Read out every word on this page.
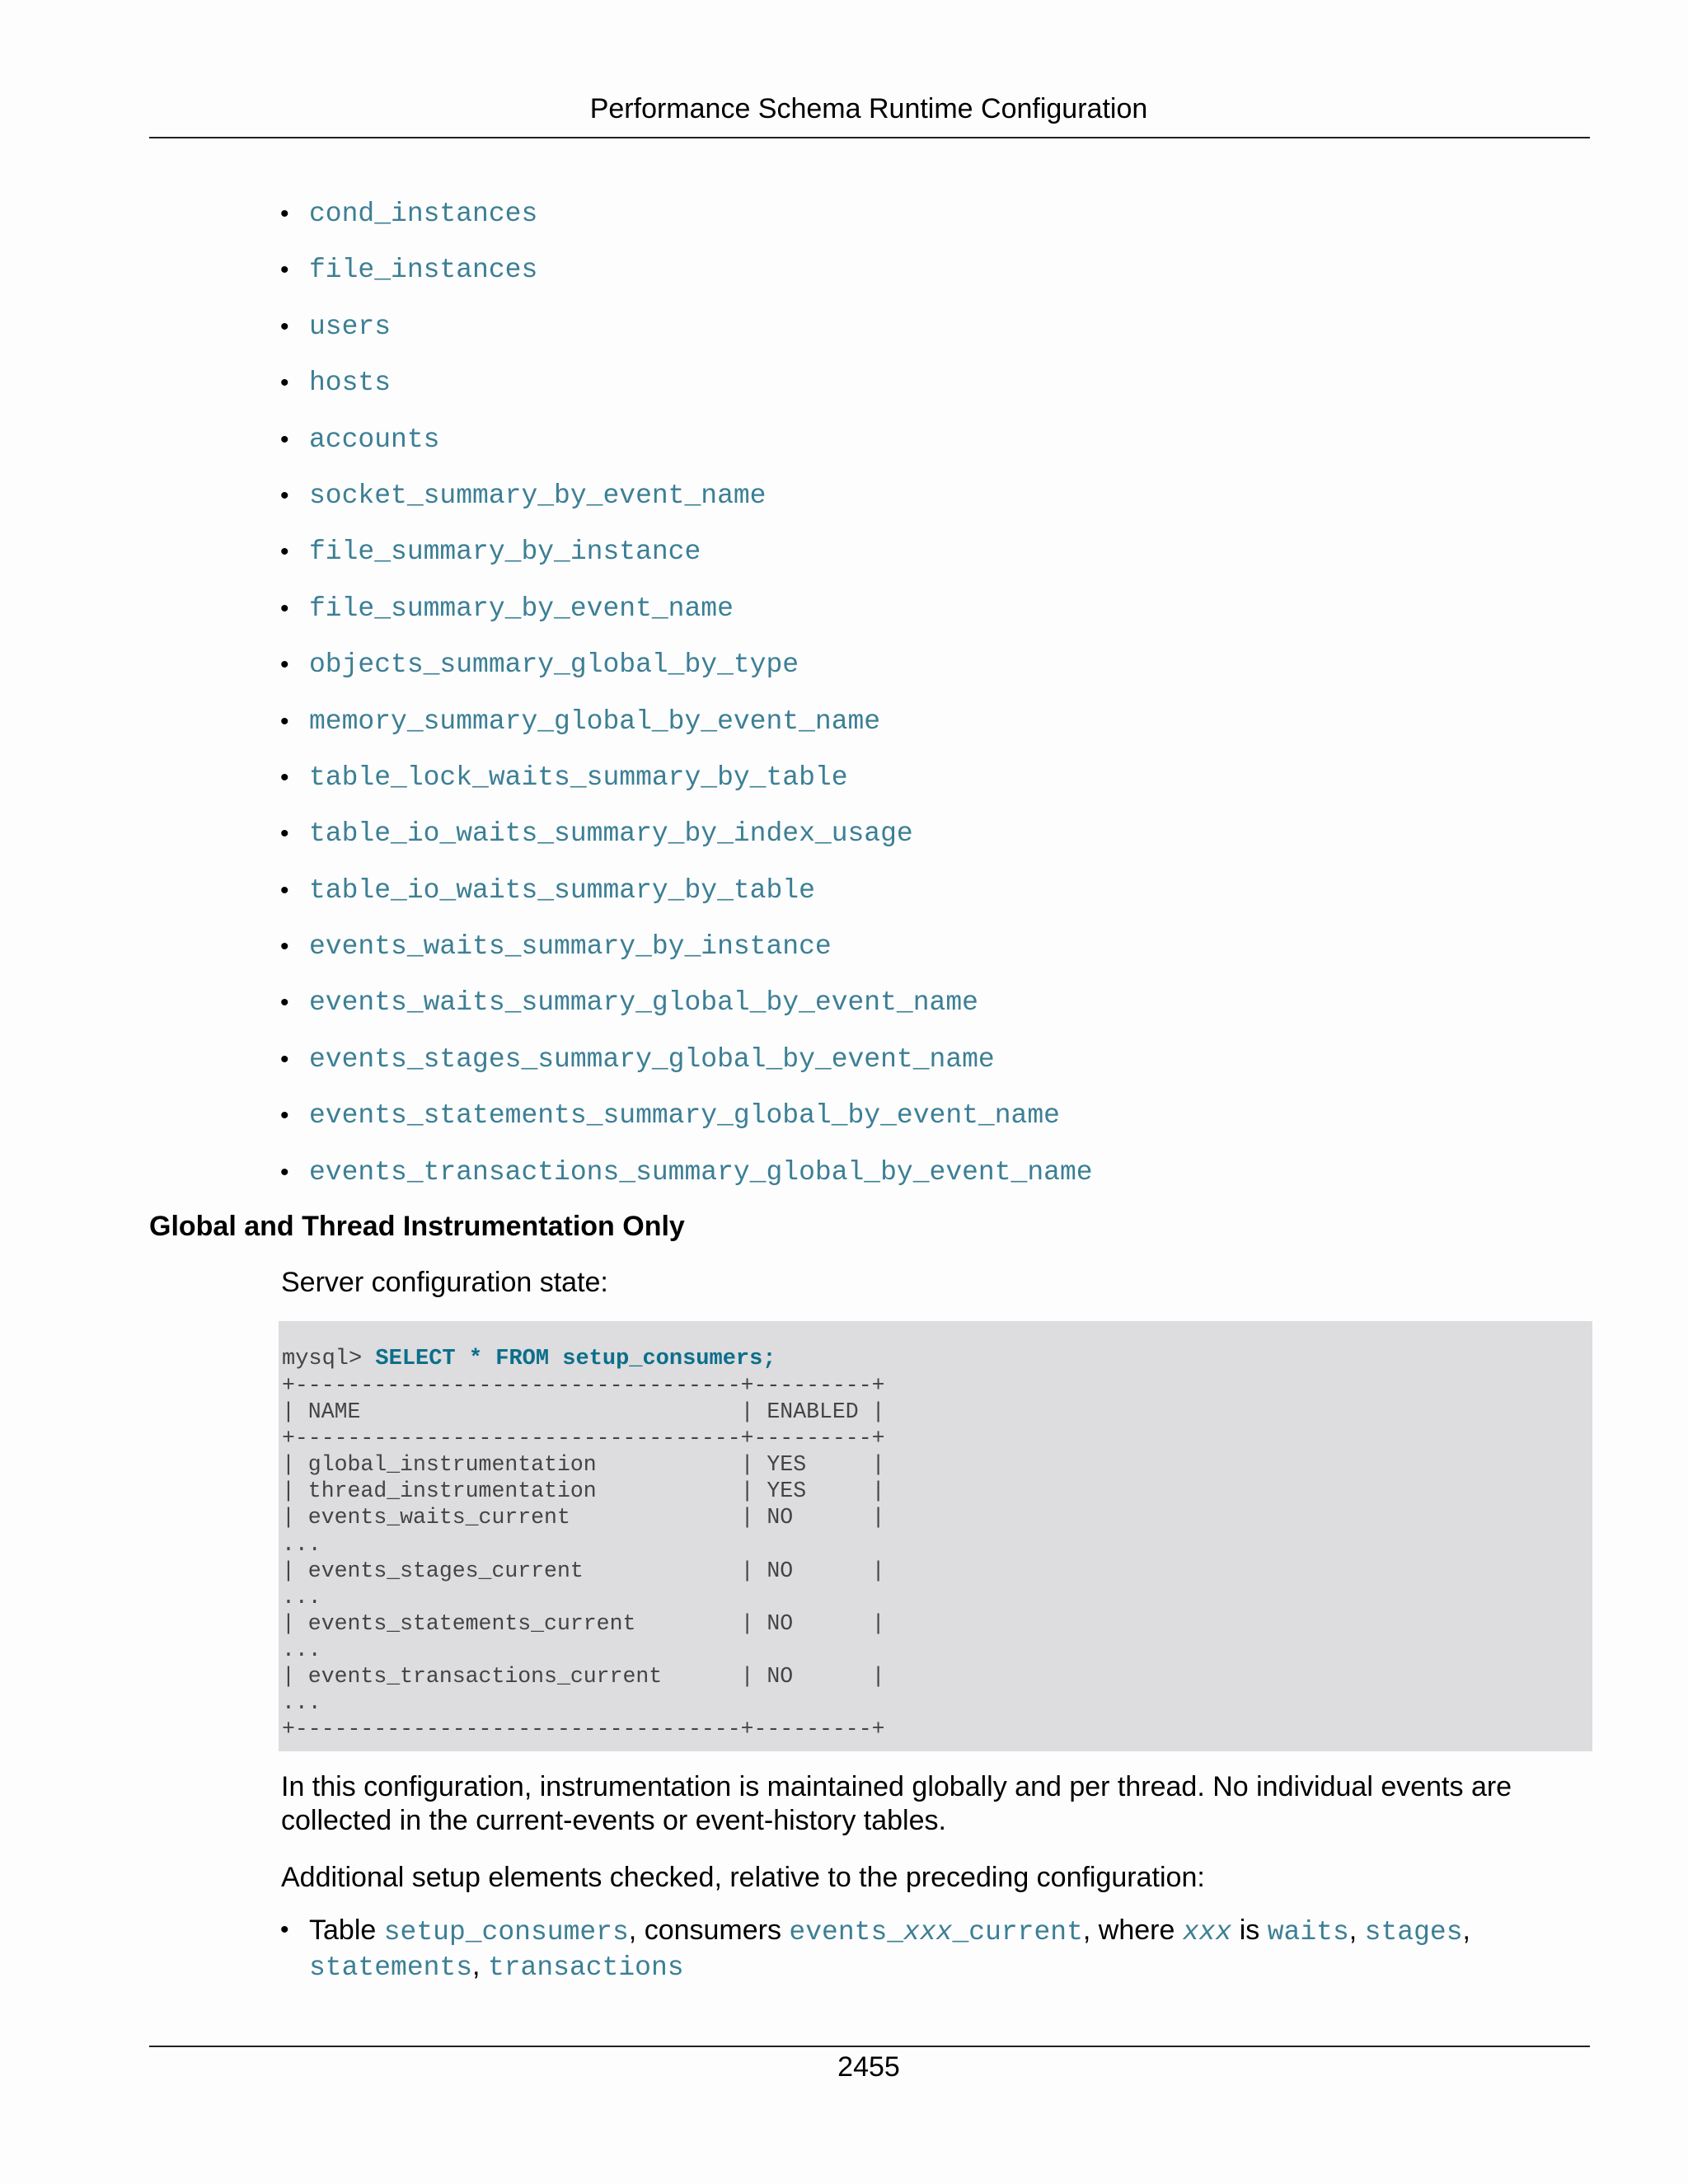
Performance Schema Runtime Configuration
• cond_instances
• file_instances
• users
• hosts
• accounts
• socket_summary_by_event_name
• file_summary_by_instance
• file_summary_by_event_name
• objects_summary_global_by_type
• memory_summary_global_by_event_name
• table_lock_waits_summary_by_table
• table_io_waits_summary_by_index_usage
• table_io_waits_summary_by_table
• events_waits_summary_by_instance
• events_waits_summary_global_by_event_name
• events_stages_summary_global_by_event_name
• events_statements_summary_global_by_event_name
• events_transactions_summary_global_by_event_name
Global and Thread Instrumentation Only
Server configuration state:
mysql> SELECT * FROM setup_consumers;
+----------------------------------+---------+
| NAME                             | ENABLED |
+----------------------------------+---------+
| global_instrumentation           | YES     |
| thread_instrumentation           | YES     |
| events_waits_current             | NO      |
...
| events_stages_current            | NO      |
...
| events_statements_current        | NO      |
...
| events_transactions_current      | NO      |
...
+----------------------------------+---------+
In this configuration, instrumentation is maintained globally and per thread. No individual events are collected in the current-events or event-history tables.
Additional setup elements checked, relative to the preceding configuration:
• Table setup_consumers, consumers events_xxx_current, where xxx is waits, stages, statements, transactions
2455
